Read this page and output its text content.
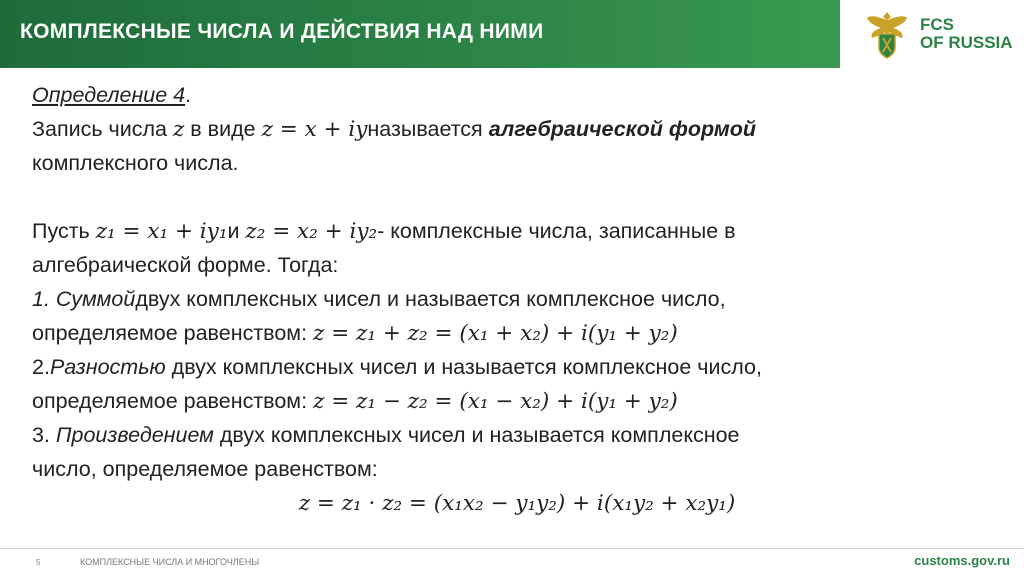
КОМПЛЕКСНЫЕ ЧИСЛА И ДЕЙСТВИЯ НАД НИМИ	FCS
OF RUSSIA
Определение 4.
Запись числа z в виде z = x + iyназывается алгебраической формой
комплексного числа.
Пусть z₁ = x₁ + iy₁и z₂ = x₂ + iy₂- комплексные числа, записанные в
алгебраической форме. Тогда:
1. Суммойдвух комплексных чисел и называется комплексное число,
определяемое равенством: z = z₁ + z₂ = (x₁ + x₂) + i(y₁ + y₂)
2.Разностью двух комплексных чисел и называется комплексное число,
определяемое равенством: z = z₁ − z₂ = (x₁ − x₂) + i(y₁ + y₂)
3. Произведением двух комплексных чисел и называется комплексное
число, определяемое равенством:
z = z₁ · z₂ = (x₁x₂ − y₁y₂) + i(x₁y₂ + x₂y₁)
5	КОМПЛЕКСНЫЕ ЧИСЛА И МНОГОЧЛЕНЫ	customs.gov.ru
